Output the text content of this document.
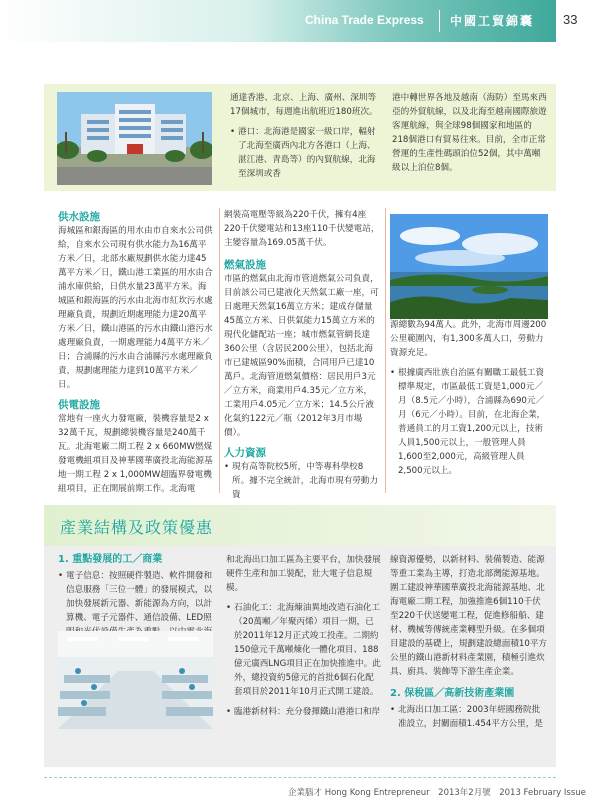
China Trade Express 中國工貿錦囊 33

通達香港、北京、上海、廣州、深圳等17個城市，每週進出航班近180班次。

• 港口：北海港是國家一級口岸，輻射了北海至廣西內北方各港口（上海、湛江港、青島等）的內貿航線，北海至深圳或香

港中轉世界各地及越南（海防）至馬來西亞的外貿航線，以及北海至越南國際旅遊客運航線，與全球98個國家和地區的218個港口有貿易往來。目前，全市正常營運的生產性碼頭泊位52個，其中萬噸級以上泊位8個。

供水設施

海城區和銀海區的用水由市自來水公司供給，自來水公司現有供水能力為16萬平方米／日，北部水廠規劃供水能力達45萬平方米／日，鐵山港工業區的用水由合浦水庫供給，日供水量23萬平方米。海城區和銀海區的污水由北海市紅坎污水處理廠負責，規劃近期處理能力達20萬平方米／日，鐵山港區的污水由鐵山港污水處理廠負責，一期處理能力4萬平方米／日；合浦縣的污水由合浦縣污水處理廠負責，規劃處理能力達到10萬平方米／日。

供電設施

當地有一座火力發電廠，裝機容量是2 x 32萬千瓦，規劃總裝機容量是240萬千瓦。北海電廠二期工程 2 x 660MW燃煤發電機組項目及神華國華廣投北海能源基地一期工程 2 x 1,000MW超臨界發電機組項目，正在開展前期工作。北海電

網裝高電壓等級為220千伏，擁有4座220千伏變電站和13座110千伏變電站，主變容量為169.05萬千伏。

燃氣設施

市區的燃氣由北海市管道燃氣公司負責，目前該公司已建液化天然氣工廠一座，可日處理天然氣16萬立方米；建成存儲量45萬立方米、日供氣能力15萬立方米的現代化儲配站一座；城市燃氣管網長達360公里（含居民200公里），包括北海市已建城區90%面積，合同用戶已達10萬戶。北海管道燃氣價格：居民用戶3元／立方米，商業用戶4.35元／立方米，工業用戶4.05元／立方米；14.5公斤液化氣約122元／瓶（2012年3月市場價）。

人力資源

• 現有高等院校5所，中等專科學校8所。據不完全統計，北海市現有勞動力資

源總數為94萬人。此外，北海市周邊200公里範圍內，有1,300多萬人口，勞動力資源充足。

• 根據廣西壯族自治區有關職工最低工資標準規定，市區最低工資是1,000元／月（8.5元／小時），合浦縣為690元／月（6元／小時）。目前，在北海企業，普通員工的月工資1,200元以上，技術人員1,500元以上，一般管理人員1,600至2,000元，高級管理人員2,500元以上。

產業結構及政策優惠
1. 重點發展的工／商業

• 電子信息：按照硬件製造、軟件開發和信息服務「三位一體」的發展模式，以加快發展新元器、新能源為方向，以計算機、電子元器件、通信設備、LED照

和北海出口加工區為主要平台，加快發展硬件生產和加工裝配，壯大電子信息規模。

• 石油化工：北海煉油異地改造石油化工（20萬噸／年聚丙烯）項目一期，已於2011年12月正式竣工投產。二期約150億元千萬噸煉化一體化項目、188億元廣西LNG項目正在加快推進中。此外，總投資約5億元的首批6個石化配套項目於2011年10月正式開工建設。

• 臨港新材料：充分發揮鐵山港港口和岸

線資源優勢，以新材料、裝備製造、能源等重工業為主導，打造北部灣能源基地。圍工建設神華國華廣投北海能源基地、北海電廠二期工程，加強推進6個110千伏至220千伏送變電工程，促進修船船、建材、機械等傳統產業轉型升級。在多個項目建設的基礎上，規劃建設總面積10平方公里的鐵山港新材料產業園，積極引進炊具、廚具、裝飾等下游生產企業。

2. 保稅區／高新技術產業園

• 北海出口加工區：2003年經國務院批准設立，封關面積1.454平方公里，是

企業腦才 Hong Kong Entrepreneur　2013年2月號　2013 February Issue
